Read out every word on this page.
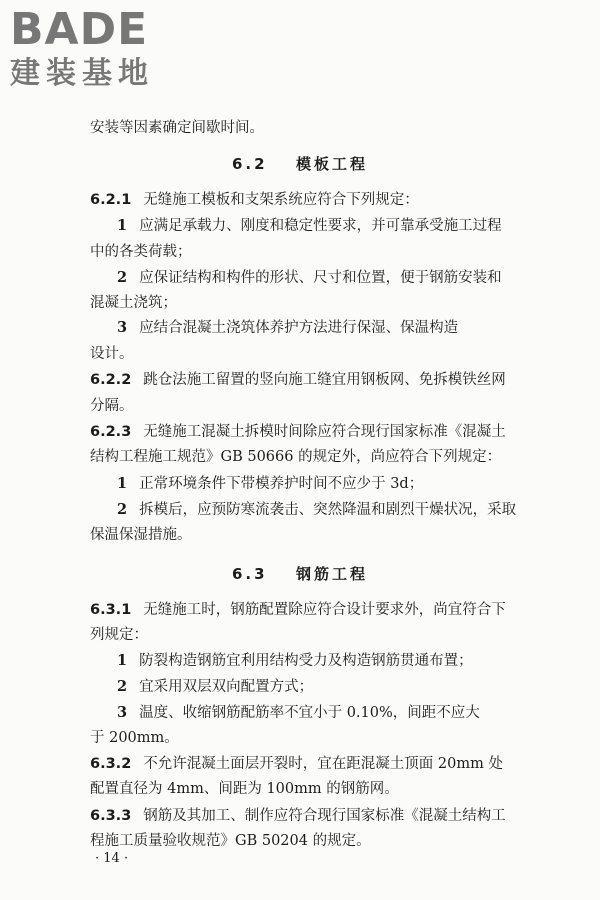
BADE
建装基地
安装等因素确定间歇时间。
6.2 模板工程
6.2.1 无缝施工模板和支架系统应符合下列规定：
1 应满足承载力、刚度和稳定性要求，并可靠承受施工过程
中的各类荷载；
2 应保证结构和构件的形状、尺寸和位置，便于钢筋安装和
混凝土浇筑；
3 应结合混凝土浇筑体养护方法进行保湿、保温构造
设计。
6.2.2 跳仓法施工留置的竖向施工缝宜用钢板网、免拆模铁丝网
分隔。
6.2.3 无缝施工混凝土拆模时间除应符合现行国家标准《混凝土
结构工程施工规范》GB 50666 的规定外，尚应符合下列规定：
1 正常环境条件下带模养护时间不应少于 3d；
2 拆模后，应预防寒流袭击、突然降温和剧烈干燥状况，采取
保温保湿措施。
6.3 钢筋工程
6.3.1 无缝施工时，钢筋配置除应符合设计要求外，尚宜符合下
列规定：
1 防裂构造钢筋宜利用结构受力及构造钢筋贯通布置；
2 宜采用双层双向配置方式；
3 温度、收缩钢筋配筋率不宜小于 0.10%，间距不应大
于 200mm。
6.3.2 不允许混凝土面层开裂时，宜在距混凝土顶面 20mm 处
配置直径为 4mm、间距为 100mm 的钢筋网。
6.3.3 钢筋及其加工、制作应符合现行国家标准《混凝土结构工
程施工质量验收规范》GB 50204 的规定。
· 14 ·
